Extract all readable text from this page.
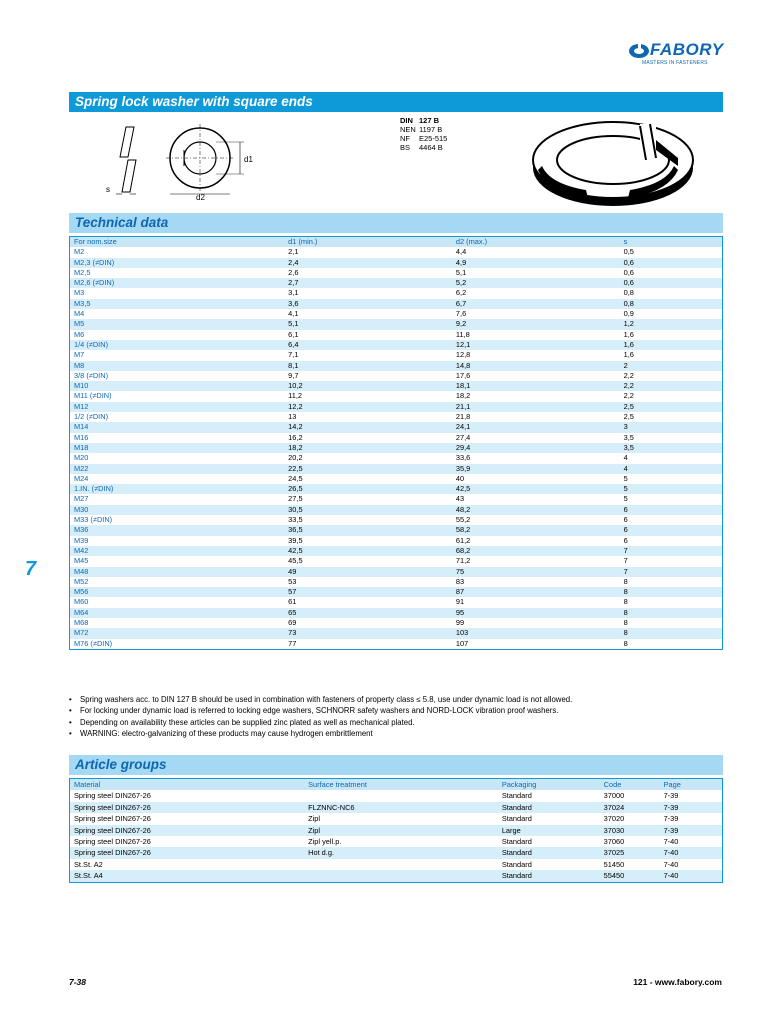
FABORY
MASTERS IN FASTENERS
Spring lock washer with square ends
s
d1
d2
DIN 127 B
NEN 1197 B
NF	E25-515
BS	4464 B
Technical data
For nom.size	d1 (min.)	d2 (max.)	s
M2	2,1	4,4	0,5
M2,3 (≠DIN)	2,4	4,9	0,6
M2,5	2,6	5,1	0,6
M2,6 (≠DIN)	2,7	5,2	0,6
M3	3,1	6,2	0,8
M3,5	3,6	6,7	0,8
M4	4,1	7,6	0,9
M5	5,1	9,2	1,2
M6	6,1	11,8	1,6
1/4 (≠DIN)	6,4	12,1	1,6
M7	7,1	12,8	1,6
M8	8,1	14,8	2
3/8 (≠DIN)	9,7	17,6	2,2
M10	10,2	18,1	2,2
M11 (≠DIN)	11,2	18,2	2,2
M12	12,2	21,1	2,5
1/2 (≠DIN)	13	21,8	2,5
M14	14,2	24,1	3
M16	16,2	27,4	3,5
M18	18,2	29,4	3,5
M20	20,2	33,6	4
M22	22,5	35,9	4
M24	24,5	40	5
1.IN. (≠DIN)	26,5	42,5	5
M27	27,5	43	5
M30	30,5	48,2	6
M33 (≠DIN)	33,5	55,2	6
M36	36,5	58,2	6
M39	39,5	61,2	6
M42	42,5	68,2	7
M45	45,5	71,2	7
M48	49	75	7
M52	53	83	8
M56	57	87	8
M60	61	91	8
M64	65	95	8
M68	69	99	8
M72	73	103	8
M76 (≠DIN)	77	107	8
• Spring washers acc. to DIN 127 B should be used in combination with fasteners of property class ≤ 5.8, use under dynamic load is not allowed.
• For locking under dynamic load is referred to locking edge washers, SCHNORR safety washers and NORD-LOCK vibration proof washers.
• Depending on availability these articles can be supplied zinc plated as well as mechanical plated.
• WARNING: electro-galvanizing of these products may cause hydrogen embrittlement
Article groups
Material	Surface treatment	Packaging	Code	Page
Spring steel DIN267-26		Standard	37000	7-39
Spring steel DIN267-26	FLZNNC-NC6	Standard	37024	7-39
Spring steel DIN267-26	Zipl	Standard	37020	7-39
Spring steel DIN267-26	Zipl	Large	37030	7-39
Spring steel DIN267-26	Zipl yell.p.	Standard	37060	7-40
Spring steel DIN267-26	Hot d.g.	Standard	37025	7-40
St.St. A2		Standard	51450	7-40
St.St. A4		Standard	55450	7-40
7
7-38	121 - www.fabory.com
